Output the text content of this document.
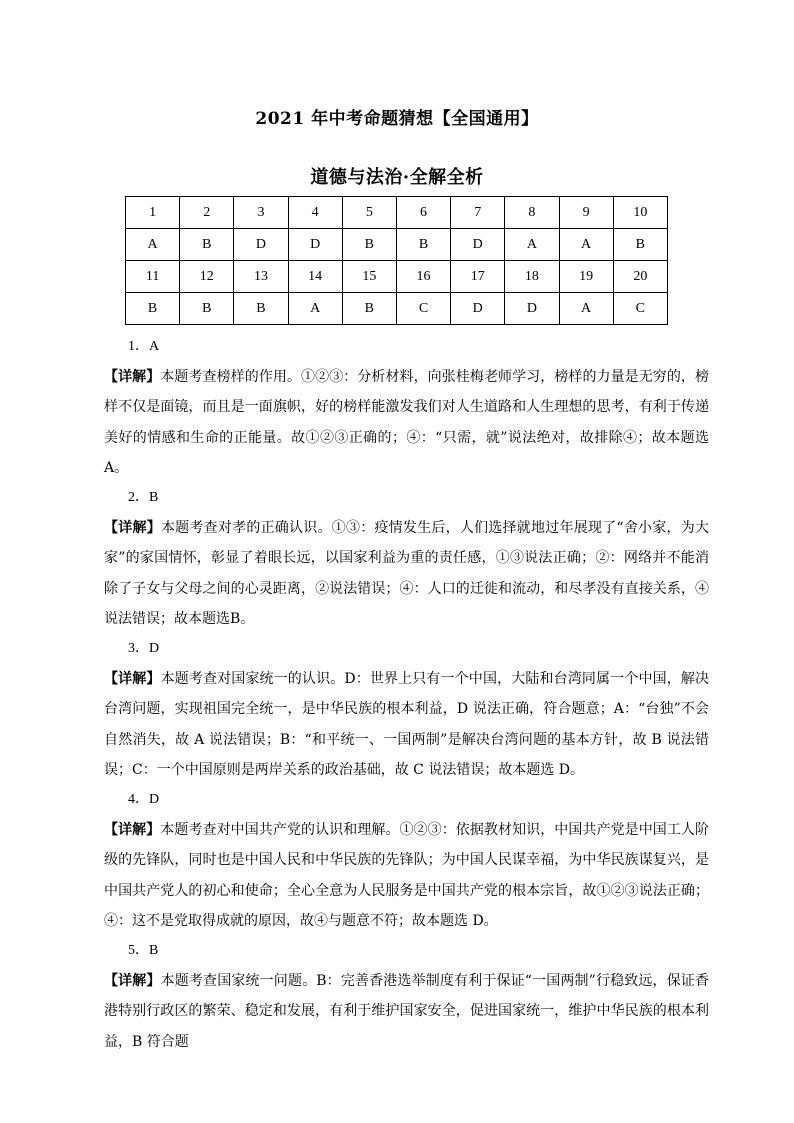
2021 年中考命题猜想【全国通用】
道德与法治·全解全析
1	2	3	4	5	6	7	8	9	10
A	B	D	D	B	B	D	A	A	B
11	12	13	14	15	16	17	18	19	20
B	B	B	A	B	C	D	D	A	C

1．A

【详解】本题考查榜样的作用。①②③：分析材料，向张桂梅老师学习，榜样的力量是无穷的，榜样不仅是面镜，而且是一面旗帜，好的榜样能激发我们对人生道路和人生理想的思考，有利于传递美好的情感和生命的正能量。故①②③正确的；④：“只需，就”说法绝对，故排除④；故本题选 A。

2．B

【详解】本题考查对孝的正确认识。①③：疫情发生后，人们选择就地过年展现了“舍小家，为大家”的家国情怀，彰显了着眼长远，以国家利益为重的责任感，①③说法正确；②：网络并不能消除了子女与父母之间的心灵距离，②说法错误；④：人口的迁徙和流动，和尽孝没有直接关系，④说法错误；故本题选B。

3．D

【详解】本题考查对国家统一的认识。D：世界上只有一个中国，大陆和台湾同属一个中国，解决台湾问题，实现祖国完全统一，是中华民族的根本利益，D 说法正确，符合题意；A：“台独”不会自然消失，故 A 说法错误；B：“和平统一、一国两制”是解决台湾问题的基本方针，故 B 说法错误；C：一个中国原则是两岸关系的政治基础，故 C 说法错误；故本题选 D。

4．D

【详解】本题考查对中国共产党的认识和理解。①②③：依据教材知识，中国共产党是中国工人阶级的先锋队，同时也是中国人民和中华民族的先锋队；为中国人民谋幸福，为中华民族谋复兴，是中国共产党人的初心和使命；全心全意为人民服务是中国共产党的根本宗旨，故①②③说法正确；④：这不是党取得成就的原因，故④与题意不符；故本题选 D。

5．B

【详解】本题考查国家统一问题。B：完善香港选举制度有利于保证“一国两制”行稳致远，保证香港特别行政区的繁荣、稳定和发展，有利于维护国家安全，促进国家统一，维护中华民族的根本利益，B 符合题
